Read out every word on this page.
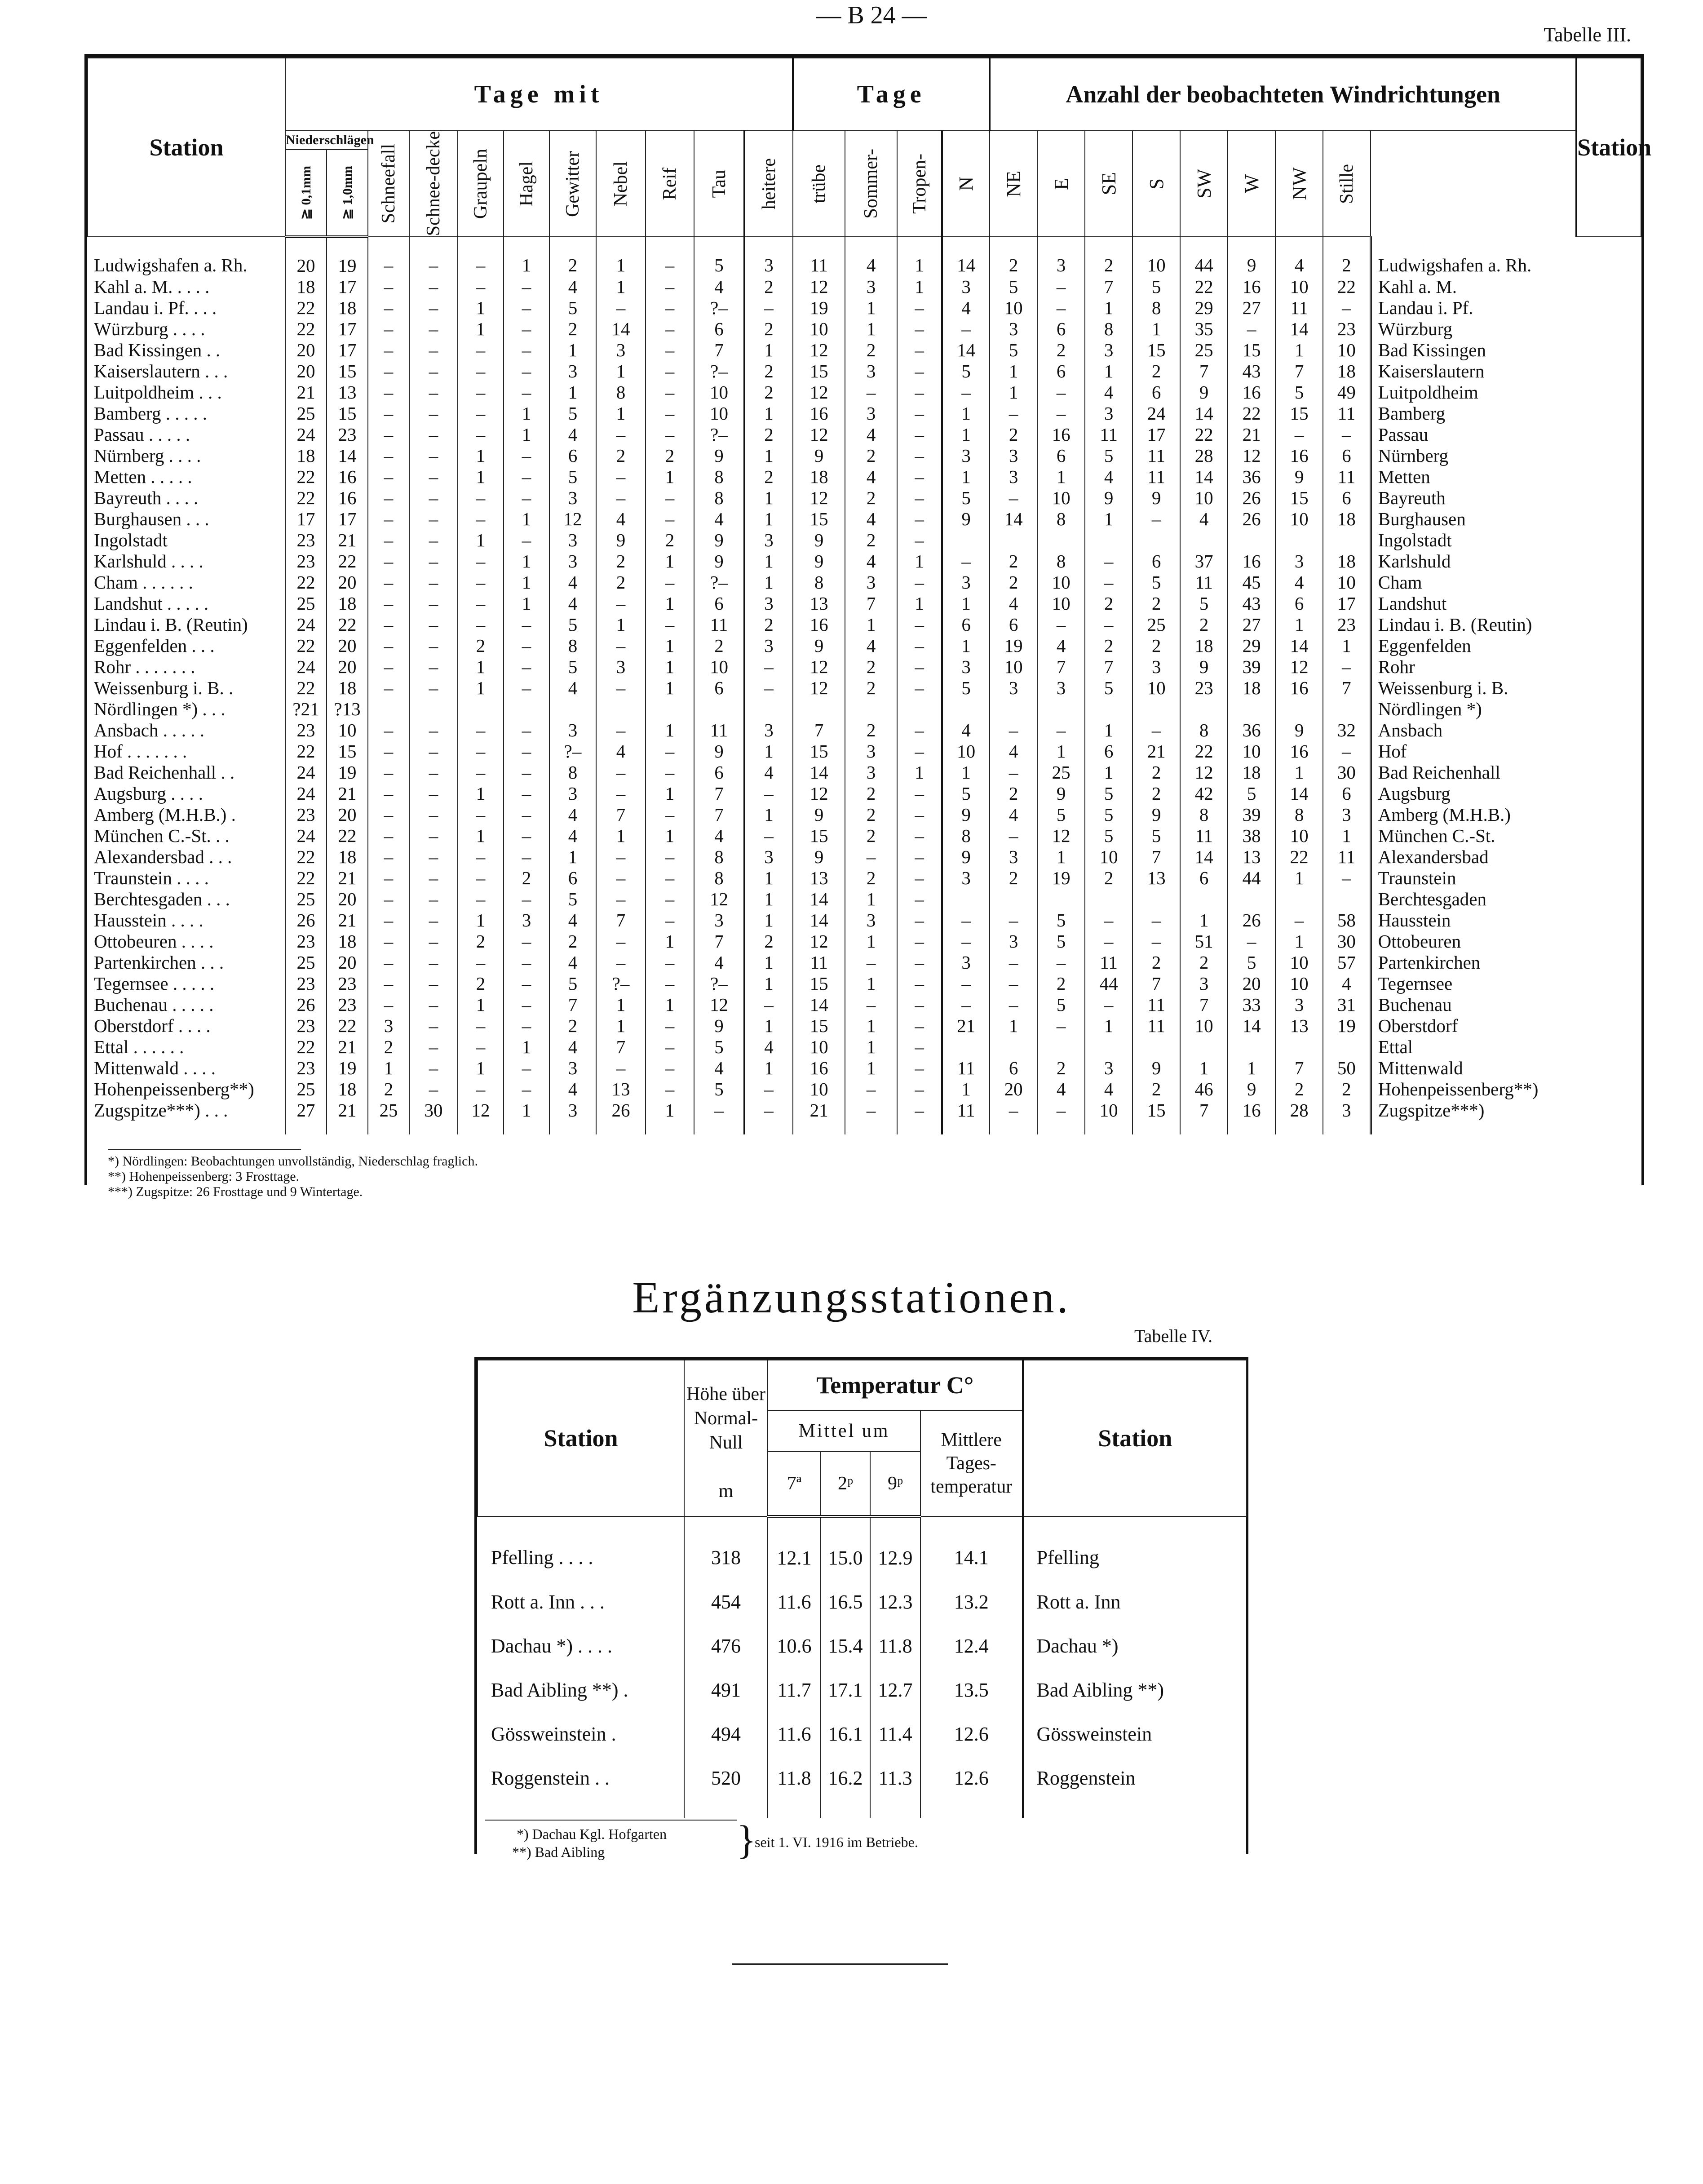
— B 24 —
Tabelle III.
Station	Tage mit											Tage				Anzahl der beobachteten Windrichtungen									Station
	Niederschlägen		Schneefall	Schnee-decke	Graupeln	Hagel	Gewitter	Nebel	Reif	Tau	heitere	trübe	Sommer-	Tropen-	N	NE	E	SE	S	SW	W	NW	Stille		

	≧ 0,1mm	≧ 1,0mm																							

Ludwigshafen a. Rh.	20	19	–	–	–	1	2	1	–	5	3	11	4	1	14	2	3	2	10	44	9	4	2	Ludwigshafen a. Rh.	
Kahl a. M. . . . .	18	17	–	–	–	–	4	1	–	4	2	12	3	1	3	5	–	7	5	22	16	10	22	Kahl a. M.	
Landau i. Pf. . . .	22	18	–	–	1	–	5	–	–	?–	–	19	1	–	4	10	–	1	8	29	27	11	–	Landau i. Pf.	
Würzburg . . . .	22	17	–	–	1	–	2	14	–	6	2	10	1	–	–	3	6	8	1	35	–	14	23	Würzburg	
Bad Kissingen . .	20	17	–	–	–	–	1	3	–	7	1	12	2	–	14	5	2	3	15	25	15	1	10	Bad Kissingen	
Kaiserslautern . . .	20	15	–	–	–	–	3	1	–	?–	2	15	3	–	5	1	6	1	2	7	43	7	18	Kaiserslautern	
Luitpoldheim . . .	21	13	–	–	–	–	1	8	–	10	2	12	–	–	–	1	–	4	6	9	16	5	49	Luitpoldheim	
Bamberg . . . . .	25	15	–	–	–	1	5	1	–	10	1	16	3	–	1	–	–	3	24	14	22	15	11	Bamberg	
Passau . . . . .	24	23	–	–	–	1	4	–	–	?–	2	12	4	–	1	2	16	11	17	22	21	–	–	Passau	
Nürnberg . . . .	18	14	–	–	1	–	6	2	2	9	1	9	2	–	3	3	6	5	11	28	12	16	6	Nürnberg	
Metten . . . . .	22	16	–	–	1	–	5	–	1	8	2	18	4	–	1	3	1	4	11	14	36	9	11	Metten	
Bayreuth . . . .	22	16	–	–	–	–	3	–	–	8	1	12	2	–	5	–	10	9	9	10	26	15	6	Bayreuth	
Burghausen . . .	17	17	–	–	–	1	12	4	–	4	1	15	4	–	9	14	8	1	–	4	26	10	18	Burghausen	
Ingolstadt	23	21	–	–	1	–	3	9	2	9	3	9	2	–										Ingolstadt	
Karlshuld . . . .	23	22	–	–	–	1	3	2	1	9	1	9	4	1	–	2	8	–	6	37	16	3	18	Karlshuld	
Cham . . . . . .	22	20	–	–	–	1	4	2	–	?–	1	8	3	–	3	2	10	–	5	11	45	4	10	Cham	
Landshut . . . . .	25	18	–	–	–	1	4	–	1	6	3	13	7	1	1	4	10	2	2	5	43	6	17	Landshut	
Lindau i. B. (Reutin)	24	22	–	–	–	–	5	1	–	11	2	16	1	–	6	6	–	–	25	2	27	1	23	Lindau i. B. (Reutin)	
Eggenfelden . . .	22	20	–	–	2	–	8	–	1	2	3	9	4	–	1	19	4	2	2	18	29	14	1	Eggenfelden	
Rohr . . . . . . .	24	20	–	–	1	–	5	3	1	10	–	12	2	–	3	10	7	7	3	9	39	12	–	Rohr	
Weissenburg i. B. .	22	18	–	–	1	–	4	–	1	6	–	12	2	–	5	3	3	5	10	23	18	16	7	Weissenburg i. B.	
Nördlingen *) . . .	?21	?13																						Nördlingen *)	
Ansbach . . . . .	23	10	–	–	–	–	3	–	1	11	3	7	2	–	4	–	–	1	–	8	36	9	32	Ansbach	
Hof . . . . . . .	22	15	–	–	–	–	?–	4	–	9	1	15	3	–	10	4	1	6	21	22	10	16	–	Hof	
Bad Reichenhall . .	24	19	–	–	–	–	8	–	–	6	4	14	3	1	1	–	25	1	2	12	18	1	30	Bad Reichenhall	
Augsburg . . . .	24	21	–	–	1	–	3	–	1	7	–	12	2	–	5	2	9	5	2	42	5	14	6	Augsburg	
Amberg (M.H.B.) .	23	20	–	–	–	–	4	7	–	7	1	9	2	–	9	4	5	5	9	8	39	8	3	Amberg (M.H.B.)	
München C.-St. . .	24	22	–	–	1	–	4	1	1	4	–	15	2	–	8	–	12	5	5	11	38	10	1	München C.-St.	
Alexandersbad . . .	22	18	–	–	–	–	1	–	–	8	3	9	–	–	9	3	1	10	7	14	13	22	11	Alexandersbad	
Traunstein . . . .	22	21	–	–	–	2	6	–	–	8	1	13	2	–	3	2	19	2	13	6	44	1	–	Traunstein	
Berchtesgaden . . .	25	20	–	–	–	–	5	–	–	12	1	14	1	–										Berchtesgaden	
Hausstein . . . .	26	21	–	–	1	3	4	7	–	3	1	14	3	–	–	–	5	–	–	1	26	–	58	Hausstein	
Ottobeuren . . . .	23	18	–	–	2	–	2	–	1	7	2	12	1	–	–	3	5	–	–	51	–	1	30	Ottobeuren	
Partenkirchen . . .	25	20	–	–	–	–	4	–	–	4	1	11	–	–	3	–	–	11	2	2	5	10	57	Partenkirchen	
Tegernsee . . . . .	23	23	–	–	2	–	5	?–	–	?–	1	15	1	–	–	–	2	44	7	3	20	10	4	Tegernsee	
Buchenau . . . . .	26	23	–	–	1	–	7	1	1	12	–	14	–	–	–	–	5	–	11	7	33	3	31	Buchenau	
Oberstdorf . . . .	23	22	3	–	–	–	2	1	–	9	1	15	1	–	21	1	–	1	11	10	14	13	19	Oberstdorf	
Ettal . . . . . .	22	21	2	–	–	1	4	7	–	5	4	10	1	–										Ettal	
Mittenwald . . . .	23	19	1	–	1	–	3	–	–	4	1	16	1	–	11	6	2	3	9	1	1	7	50	Mittenwald	
Hohenpeissenberg**)	25	18	2	–	–	–	4	13	–	5	–	10	–	–	1	20	4	4	2	46	9	2	2	Hohenpeissenberg**)	
Zugspitze***) . . .	27	21	25	30	12	1	3	26	1	–	–	21	–	–	11	–	–	10	15	7	16	28	3	Zugspitze***)	
*) Nördlingen: Beobachtungen unvollständig, Niederschlag fraglich.
**) Hohenpeissenberg: 3 Frosttage.
***) Zugspitze: 26 Frosttage und 9 Wintertage.
Ergänzungsstationen.
Tabelle IV.
Station	Höhe über Normal-Null

m	Temperatur C°				Station
		Mittel um			Mittlere Tages-temperatur	
		7ª	2ᵖ	9ᵖ		
Pfelling . . . .	318	12.1	15.0	12.9	14.1	Pfelling
Rott a. Inn . . .	454	11.6	16.5	12.3	13.2	Rott a. Inn
Dachau *) . . . .	476	10.6	15.4	11.8	12.4	Dachau *)
Bad Aibling **) .	491	11.7	17.1	12.7	13.5	Bad Aibling **)
Gössweinstein .	494	11.6	16.1	11.4	12.6	Gössweinstein
Roggenstein . .	520	11.8	16.2	11.3	12.6	Roggenstein
*) Dachau Kgl. Hofgarten
**) Bad Aibling	}
seit 1. VI. 1916 im Betriebe.
